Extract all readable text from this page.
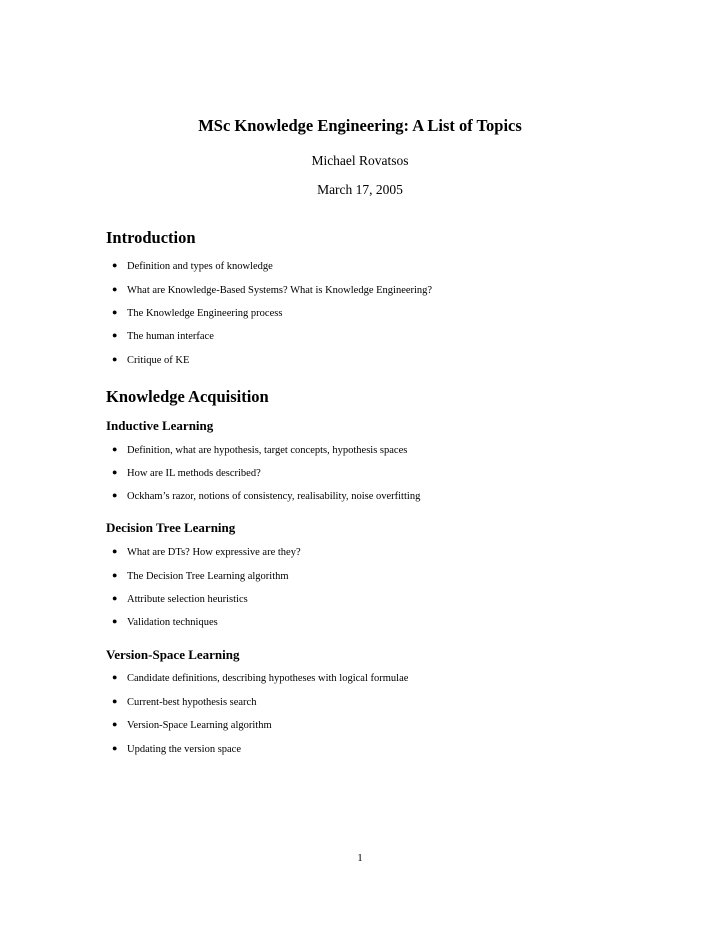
MSc Knowledge Engineering: A List of Topics
Michael Rovatsos
March 17, 2005
Introduction
● Definition and types of knowledge
● What are Knowledge-Based Systems? What is Knowledge Engineering?
● The Knowledge Engineering process
● The human interface
● Critique of KE
Knowledge Acquisition
Inductive Learning
● Definition, what are hypothesis, target concepts, hypothesis spaces
● How are IL methods described?
● Ockham’s razor, notions of consistency, realisability, noise overfitting
Decision Tree Learning
● What are DTs? How expressive are they?
● The Decision Tree Learning algorithm
● Attribute selection heuristics
● Validation techniques
Version-Space Learning
● Candidate definitions, describing hypotheses with logical formulae
● Current-best hypothesis search
● Version-Space Learning algorithm
● Updating the version space
1
